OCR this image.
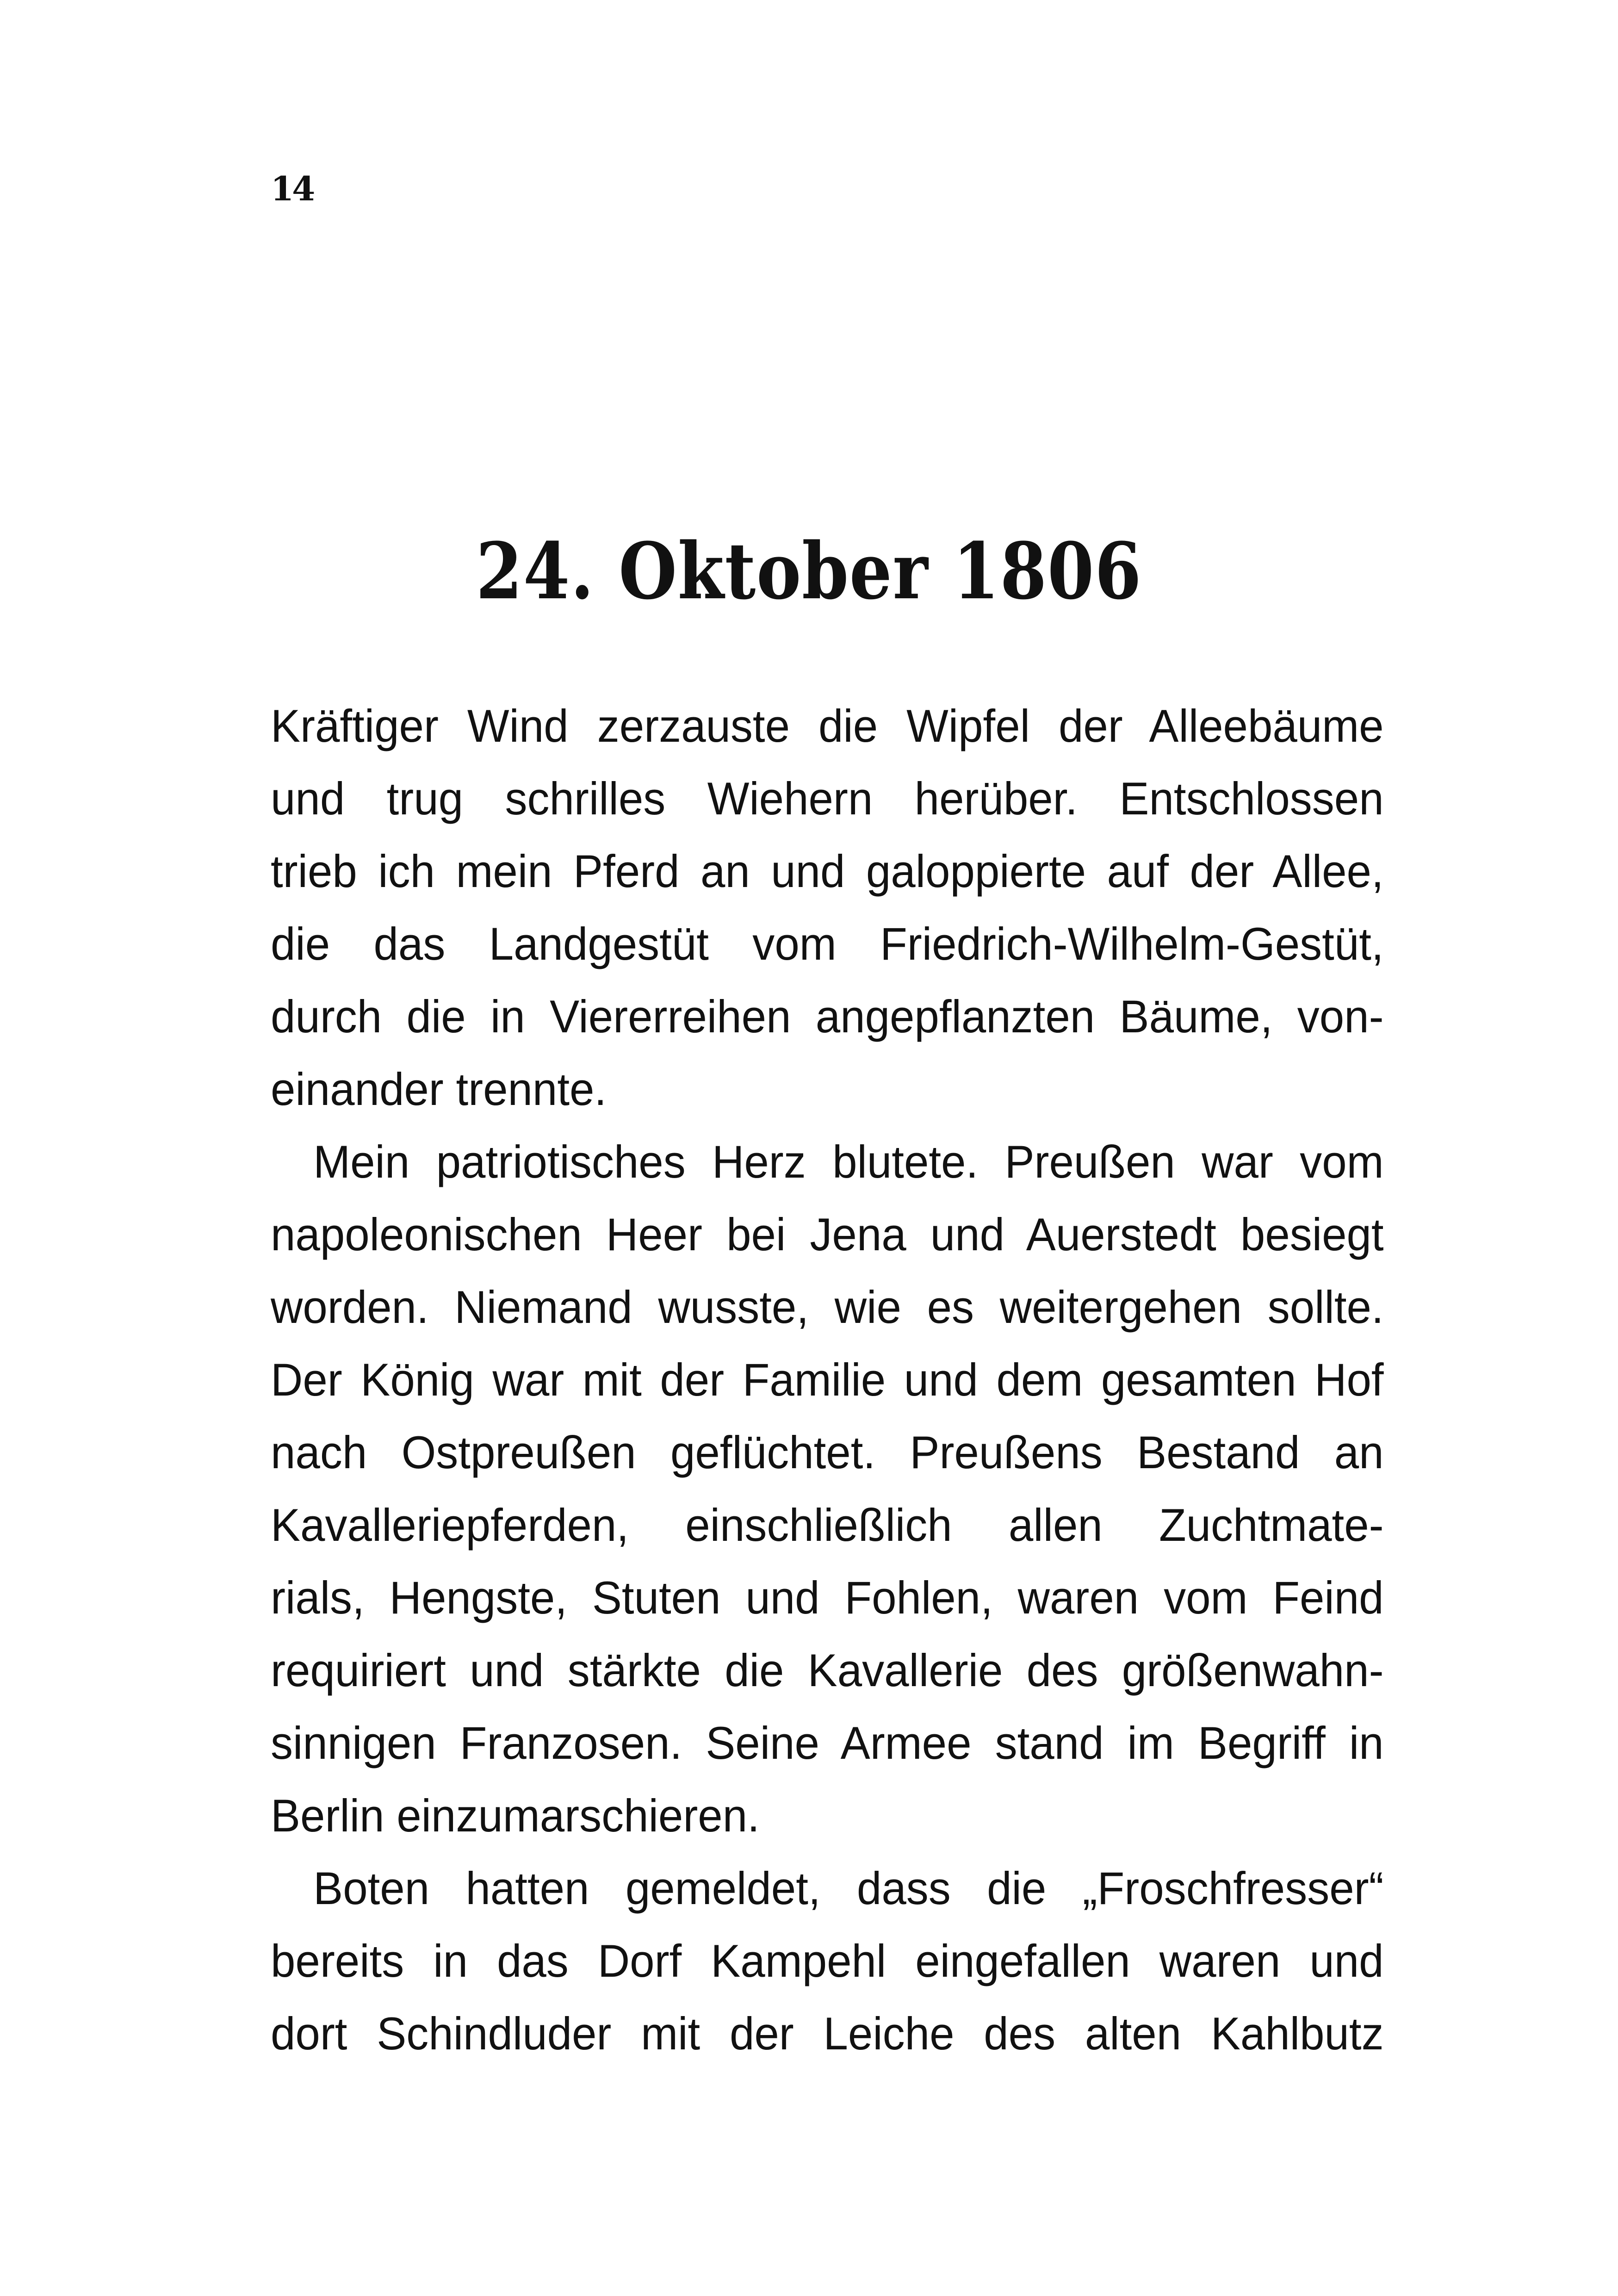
14
24. Oktober 1806
Kräftiger Wind zerzauste die Wipfel der Alleebäume
und trug schrilles Wiehern herüber. Entschlossen
trieb ich mein Pferd an und galoppierte auf der Allee,
die das Landgestüt vom Friedrich-Wilhelm-Gestüt,
durch die in Viererreihen angepflanzten Bäume, von-
einander trennte.
Mein patriotisches Herz blutete. Preußen war vom
napoleonischen Heer bei Jena und Auerstedt besiegt
worden. Niemand wusste, wie es weitergehen sollte.
Der König war mit der Familie und dem gesamten Hof
nach Ostpreußen geflüchtet. Preußens Bestand an
Kavalleriepferden, einschließlich allen Zuchtmate-
rials, Hengste, Stuten und Fohlen, waren vom Feind
requiriert und stärkte die Kavallerie des größenwahn-
sinnigen Franzosen. Seine Armee stand im Begriff in
Berlin einzumarschieren.
Boten hatten gemeldet, dass die „Froschfresser“
bereits in das Dorf Kampehl eingefallen waren und
dort Schindluder mit der Leiche des alten Kahlbutz
